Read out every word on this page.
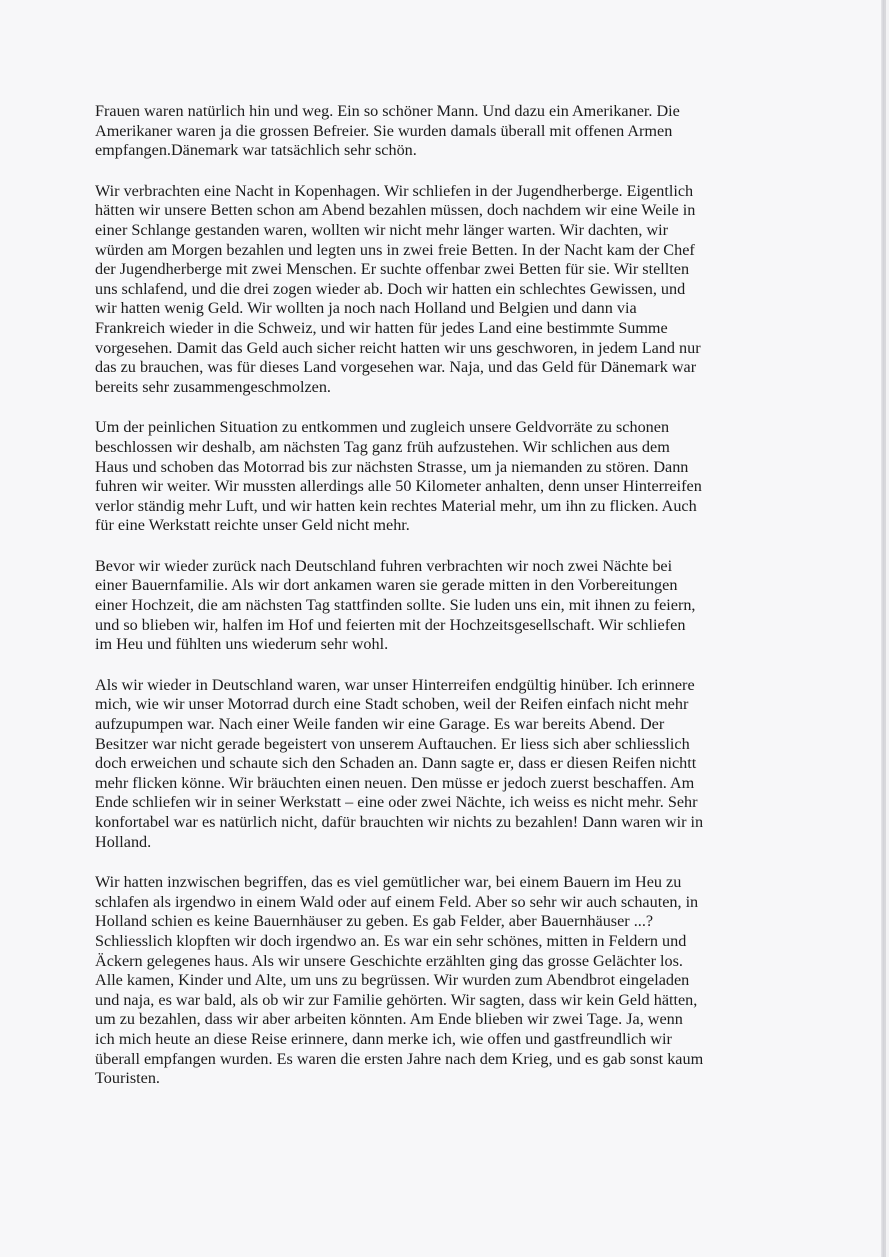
Frauen waren natürlich hin und weg. Ein so schöner Mann. Und dazu ein Amerikaner. Die
Amerikaner waren ja die grossen Befreier. Sie wurden damals überall mit offenen Armen
empfangen.Dänemark war tatsächlich sehr schön.

Wir verbrachten eine Nacht in Kopenhagen. Wir schliefen in der Jugendherberge. Eigentlich
hätten wir unsere Betten schon am Abend bezahlen müssen, doch nachdem wir eine Weile in
einer Schlange gestanden waren, wollten wir nicht mehr länger warten. Wir dachten, wir
würden am Morgen bezahlen und legten uns in zwei freie Betten. In der Nacht kam der Chef
der Jugendherberge mit zwei Menschen. Er suchte offenbar zwei Betten für sie. Wir stellten
uns schlafend, und die drei zogen wieder ab. Doch wir hatten ein schlechtes Gewissen, und
wir hatten wenig Geld. Wir wollten ja noch nach Holland und Belgien und dann via
Frankreich wieder in die Schweiz, und wir hatten für jedes Land eine bestimmte Summe
vorgesehen. Damit das Geld auch sicher reicht hatten wir uns geschworen, in jedem Land nur
das zu brauchen, was für dieses Land vorgesehen war. Naja, und das Geld für Dänemark war
bereits sehr zusammengeschmolzen.

Um der peinlichen Situation zu entkommen und zugleich unsere Geldvorräte zu schonen
beschlossen wir deshalb, am nächsten Tag ganz früh aufzustehen. Wir schlichen aus dem
Haus und schoben das Motorrad bis zur nächsten Strasse, um ja niemanden zu stören. Dann
fuhren wir weiter. Wir mussten allerdings alle 50 Kilometer anhalten, denn unser Hinterreifen
verlor ständig mehr Luft, und wir hatten kein rechtes Material mehr, um ihn zu flicken. Auch
für eine Werkstatt reichte unser Geld nicht mehr.

Bevor wir wieder zurück nach Deutschland fuhren verbrachten wir noch zwei Nächte bei
einer Bauernfamilie. Als wir dort ankamen waren sie gerade mitten in den Vorbereitungen
einer Hochzeit, die am nächsten Tag stattfinden sollte. Sie luden uns ein, mit ihnen zu feiern,
und so blieben wir, halfen im Hof und feierten mit der Hochzeitsgesellschaft. Wir schliefen
im Heu und fühlten uns wiederum sehr wohl.

Als wir wieder in Deutschland waren, war unser Hinterreifen endgültig hinüber. Ich erinnere
mich, wie wir unser Motorrad durch eine Stadt schoben, weil der Reifen einfach nicht mehr
aufzupumpen war. Nach einer Weile fanden wir eine Garage. Es war bereits Abend. Der
Besitzer war nicht gerade begeistert von unserem Auftauchen. Er liess sich aber schliesslich
doch erweichen und schaute sich den Schaden an. Dann sagte er, dass er diesen Reifen nichtt
mehr flicken könne. Wir bräuchten einen neuen. Den müsse er jedoch zuerst beschaffen. Am
Ende schliefen wir in seiner Werkstatt – eine oder zwei Nächte, ich weiss es nicht mehr. Sehr
konfortabel war es natürlich nicht, dafür brauchten wir nichts zu bezahlen! Dann waren wir in
Holland.

Wir hatten inzwischen begriffen, das es viel gemütlicher war, bei einem Bauern im Heu zu
schlafen als irgendwo in einem Wald oder auf einem Feld. Aber so sehr wir auch schauten, in
Holland schien es keine Bauernhäuser zu geben. Es gab Felder, aber Bauernhäuser ...?
Schliesslich klopften wir doch irgendwo an. Es war ein sehr schönes, mitten in Feldern und
Äckern gelegenes haus. Als wir unsere Geschichte erzählten ging das grosse Gelächter los.
Alle kamen, Kinder und Alte, um uns zu begrüssen. Wir wurden zum Abendbrot eingeladen
und naja, es war bald, als ob wir zur Familie gehörten. Wir sagten, dass wir kein Geld hätten,
um zu bezahlen, dass wir aber arbeiten könnten. Am Ende blieben wir zwei Tage. Ja, wenn
ich mich heute an diese Reise erinnere, dann merke ich, wie offen und gastfreundlich wir
überall empfangen wurden. Es waren die ersten Jahre nach dem Krieg, und es gab sonst kaum
Touristen.
